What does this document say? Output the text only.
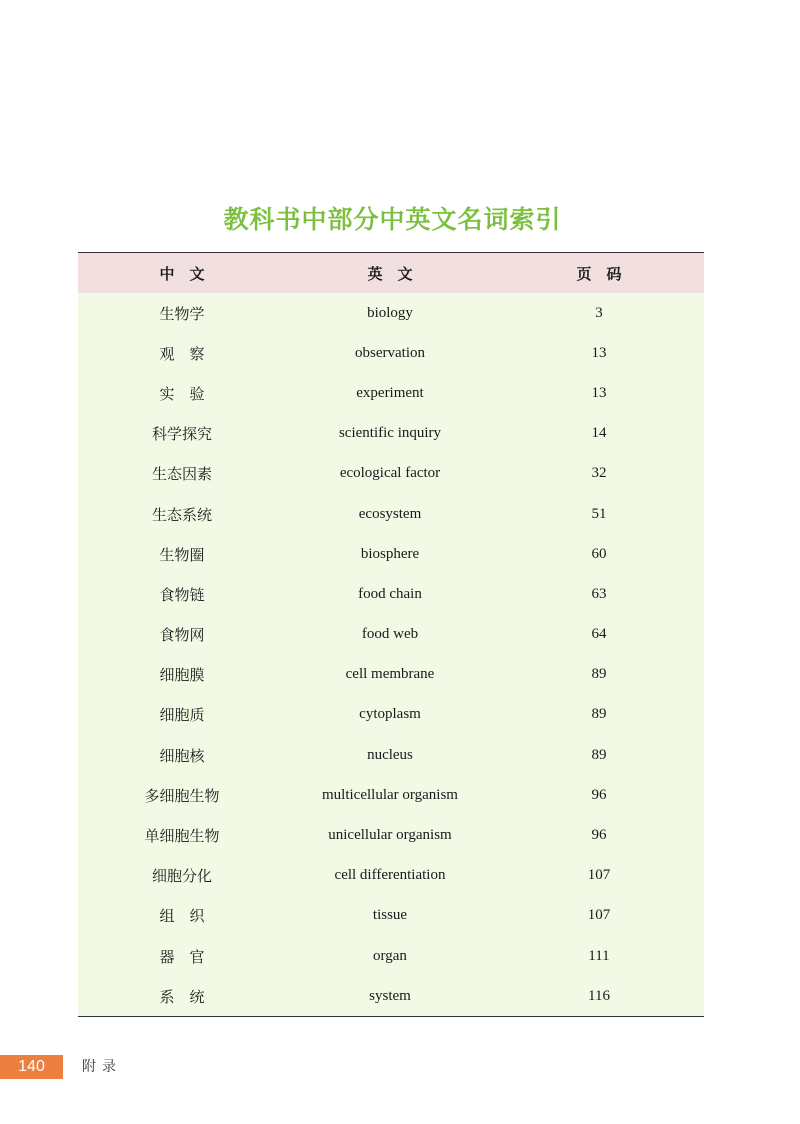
教科书中部分中英文名词索引
中　文	英　文	页　码
生物学	biology	3
观　察	observation	13
实　验	experiment	13
科学探究	scientific inquiry	14
生态因素	ecological factor	32
生态系统	ecosystem	51
生物圈	biosphere	60
食物链	food chain	63
食物网	food web	64
细胞膜	cell membrane	89
细胞质	cytoplasm	89
细胞核	nucleus	89
多细胞生物	multicellular organism	96
单细胞生物	unicellular organism	96
细胞分化	cell differentiation	107
组　织	tissue	107
器　官	organ	111
系　统	system	116
140	附录
